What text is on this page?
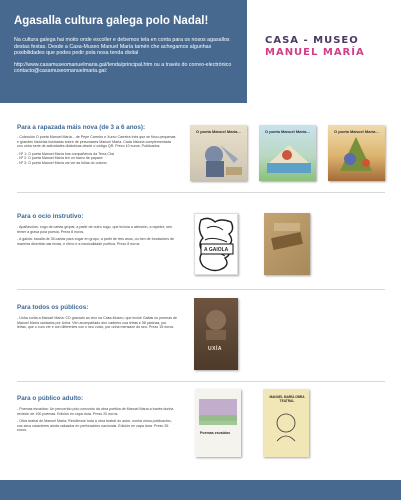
Agasalla cultura galega polo Nadal!

Na cultura galega hai moito onde escoller e debemos tela en conta para os nosos agasallos destas festas. Desde a Casa-Museo Manuel María tamén che achegamos algunhas posibilidades que podes pedir pola nosa tenda dixital

http://www.casamuseomanuelmaria.gal/tenda/principal.htm ou a través do correo-electrónico contacto@casamuseomanuelmaria.gal:

CASA - MUSEO
MANUEL MARÍA
Para a rapazada máis nova (de 3 a 6 anos):
- Colección O poeta Manuel María... de Pepe Carreiro e Xurxo Carreira Inés que se fixou pequenas e grandes historias ilustradas sobre de personaxes Manuel María. Cada historia complementada con unha serie de actividades didácticas desde o código QR. Prezo 10 euros. Publicados:
- Nº 1: O poeta Manuel María bos compañeiros da Terra Chá
- Nº 2: O poeta Manuel María ten un barco de papaxe
- Nº 3: O poeta Manuel María vai ver as follas do outono
O poeta Manuel María...	O poeta Manuel María...	O poeta Manuel María...
Para o ocio instrutivo:
- Apañavolos: xogo de cartas grupal, a partir de outro xogo, que incluía a atención, a rapidez, sen temer a grava pola poesía. Prezo 8 euros.
- A gaiola: baralla de 35 cartas para xogar en grupo, a partir de tres anos, ou ben de fundacións de maneira divertida nas rimas, e rítmo e a musicalidade poética. Prezo 8 euros.
A GAIOLA
Para todos os públicos:
- Unha conta a Manuel María: CD gravado ao vivo na Casa-Museo, que inclúe Gaitas ou poemas de Manuel María cantados por Ucha. Vén acompañado dun caderno coa letras e 56 páxinas, por letras, que o xuro ver e con diferentes con o seu voxio, por unha mensaxe do seu. Prezo 15 euros.
UXÍA
Para o público adulto:
- Poemas esvaídos: Un percorrido polo conxunto da obra poética de Manuel María a través dunha revisión de 190 poemas. Edición en capa dura. Prezo 20 euros.
- Obra teatral de Manuel María: Recólleose toda a obra teatral do autor, nunha única publicación, cos seus caracteres aínda valuados en perforacións nacionais. Edición en capa dura. Prezo 35 euros.
Poemas esvaídos
MANUEL MARÍA OBRA TEATRAL
